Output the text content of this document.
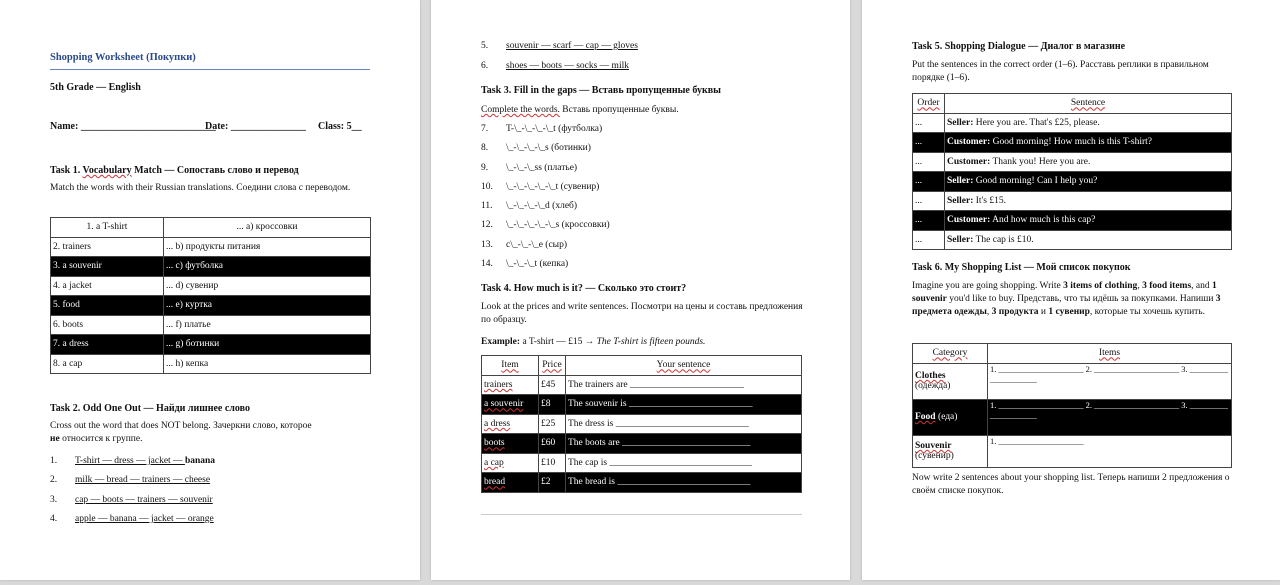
Shopping Worksheet (Покупки)
5th Grade — English
Name: ___________________________
Date: _______________ Class: 5__
Task 1. Vocabulary Match — Сопоставь слово и перевод
Match the words with their Russian translations. Соедини слова с переводом.
1. a T-shirt	... a) кроссовки
2. trainers	... b) продукты питания
3. a souvenir	... c) футболка
4. a jacket	... d) сувенир
5. food	... e) куртка
6. boots	... f) платье
7. a dress	... g) ботинки
8. a cap	... h) кепка
Task 2. Odd One Out — Найди лишнее слово
Cross out the word that does NOT belong. Зачеркни слово, которое
не относится к группе.
1. T-shirt — dress — jacket — banana
2. milk — bread — trainers — cheese
3. cap — boots — trainers — souvenir
4. apple — banana — jacket — orange
5. souvenir — scarf — cap — gloves
6. shoes — boots — socks — milk
Task 3. Fill in the gaps — Вставь пропущенные буквы
Complete the words. Вставь пропущенные буквы.
7. T-\_-\_-\_-\_t (футболка)
8. \_-\_-\_-\_s (ботинки)
9. \_-\_-\_ss (платье)
10. \_-\_-\_-\_-\_t (сувенир)
11. \_-\_-\_-\_d (хлеб)
12. \_-\_-\_-\_-\_s (кроссовки)
13. c\_-\_-\_e (сыр)
14. \_-\_-\_t (кепка)
Task 4. How much is it? — Сколько это стоит?
Look at the prices and write sentences. Посмотри на цены и составь предложения по образцу.
Example: a T-shirt — £15 → The T-shirt is fifteen pounds.
Item	Price	Your sentence
trainers	£45	The trainers are ________________________
a souvenir	£8	The souvenir is __________________________
a dress	£25	The dress is ____________________________
boots	£60	The boots are ___________________________
a cap	£10	The cap is ______________________________
bread	£2	The bread is ____________________________
Task 5. Shopping Dialogue — Диалог в магазине
Put the sentences in the correct order (1–6). Расставь реплики в правильном порядке (1–6).
Order	Sentence
...	Seller: Here you are. That's £25, please.
...	Customer: Good morning! How much is this T-shirt?
...	Customer: Thank you! Here you are.
...	Seller: Good morning! Can I help you?
...	Seller: It's £15.
...	Customer: And how much is this cap?
...	Seller: The cap is £10.
Task 6. My Shopping List — Мой список покупок
Imagine you are going shopping. Write 3 items of clothing, 3 food items, and 1 souvenir you'd like to buy. Представь, что ты идёшь за покупками. Напиши 3 предмета одежды, 3 продукта и 1 сувенир, которые ты хочешь купить.
Category	Items
Clothes
(одежда)	1. ____________________ 2. ____________________ 3. ____________________
Food (еда)	1. ____________________ 2. ____________________ 3. ____________________
Souvenir
(сувенир)	1. ____________________
Now write 2 sentences about your shopping list. Теперь напиши 2 предложения о своём списке покупок.
